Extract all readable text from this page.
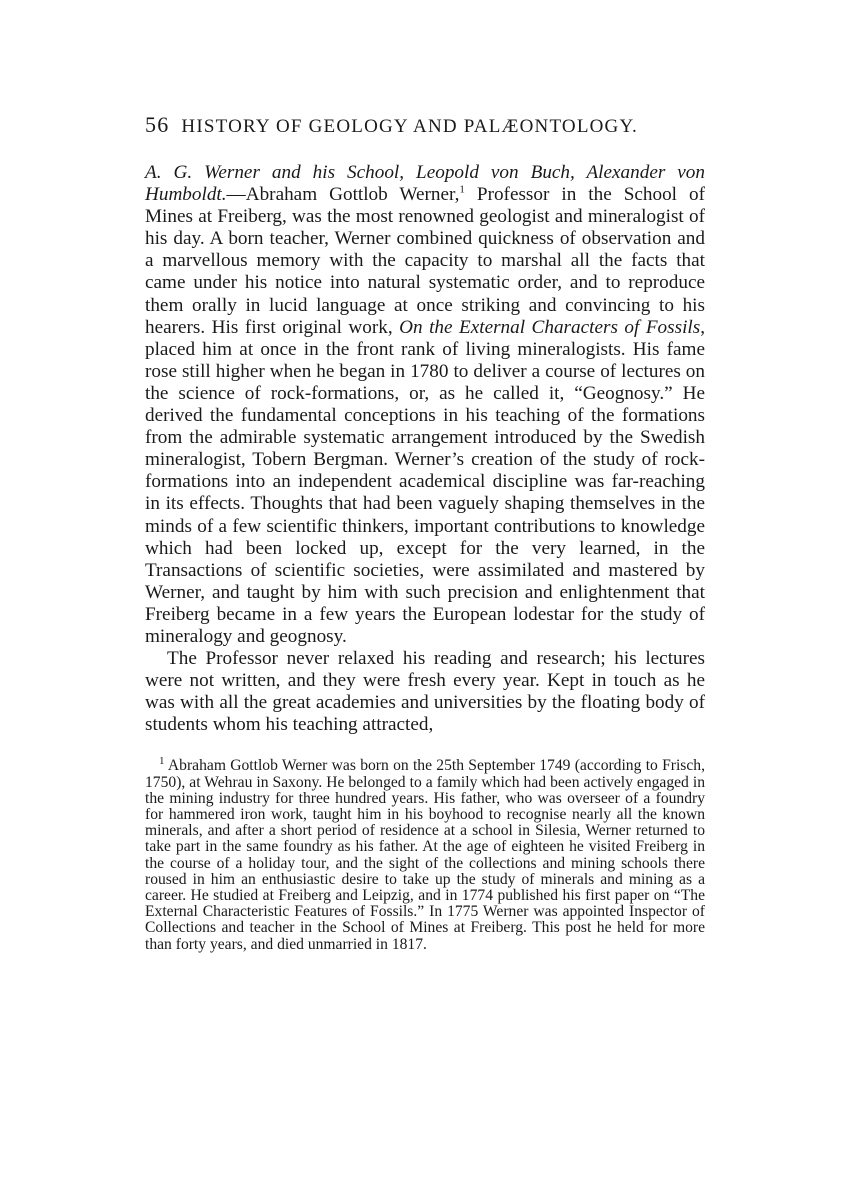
56 HISTORY OF GEOLOGY AND PALÆONTOLOGY.

A. G. Werner and his School, Leopold von Buch, Alexander von Humboldt.—Abraham Gottlob Werner,$^1$ Professor in the School of Mines at Freiberg, was the most renowned geologist and mineralogist of his day. A born teacher, Werner combined quickness of observation and a marvellous memory with the capacity to marshal all the facts that came under his notice into natural systematic order, and to reproduce them orally in lucid language at once striking and convincing to his hearers. His first original work, On the External Characters of Fossils, placed him at once in the front rank of living mineralogists. His fame rose still higher when he began in 1780 to deliver a course of lectures on the science of rock-formations, or, as he called it, “Geognosy.” He derived the fundamental conceptions in his teaching of the formations from the admirable systematic arrangement introduced by the Swedish mineralogist, Tobern Bergman. Werner’s creation of the study of rock-formations into an independent academical discipline was far-reaching in its effects. Thoughts that had been vaguely shaping themselves in the minds of a few scientific thinkers, important contributions to knowledge which had been locked up, except for the very learned, in the Transactions of scientific societies, were assimilated and mastered by Werner, and taught by him with such precision and enlightenment that Freiberg became in a few years the European lodestar for the study of mineralogy and geognosy.

The Professor never relaxed his reading and research; his lectures were not written, and they were fresh every year. Kept in touch as he was with all the great academies and universities by the floating body of students whom his teaching attracted,

$^1$ Abraham Gottlob Werner was born on the 25th September 1749 (according to Frisch, 1750), at Wehrau in Saxony. He belonged to a family which had been actively engaged in the mining industry for three hundred years. His father, who was overseer of a foundry for hammered iron work, taught him in his boyhood to recognise nearly all the known minerals, and after a short period of residence at a school in Silesia, Werner returned to take part in the same foundry as his father. At the age of eighteen he visited Freiberg in the course of a holiday tour, and the sight of the collections and mining schools there roused in him an enthusiastic desire to take up the study of minerals and mining as a career. He studied at Freiberg and Leipzig, and in 1774 published his first paper on “The External Characteristic Features of Fossils.” In 1775 Werner was appointed Inspector of Collections and teacher in the School of Mines at Freiberg. This post he held for more than forty years, and died unmarried in 1817.
